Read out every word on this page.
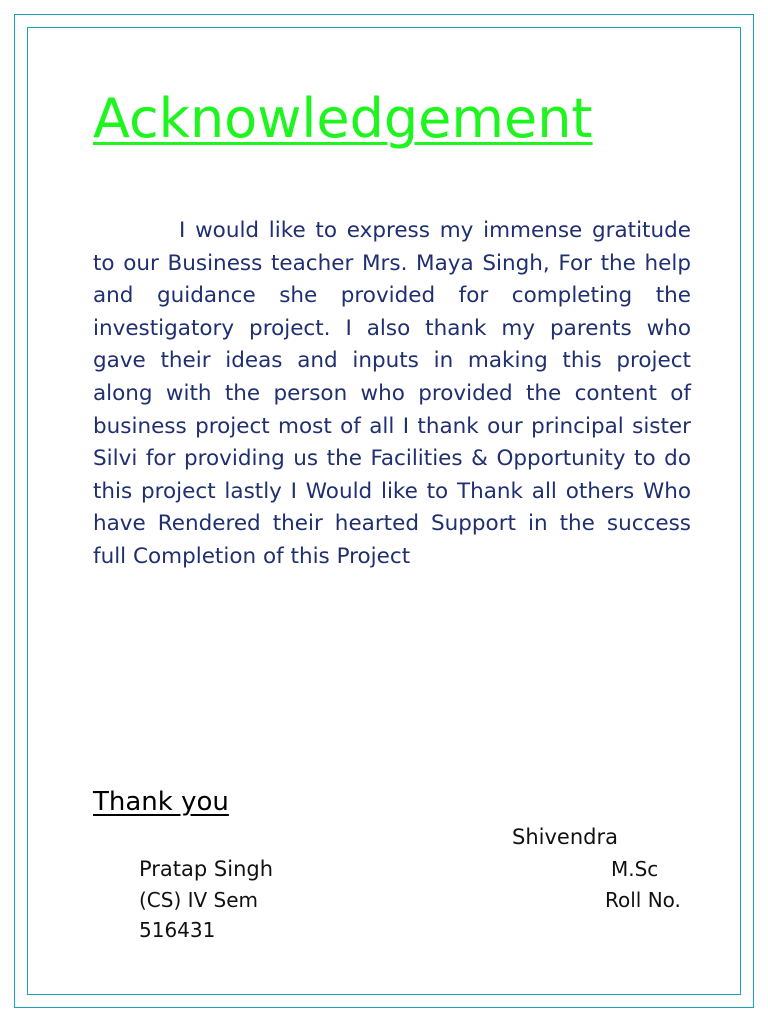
Acknowledgement

I would like to express my immense gratitude to our Business teacher Mrs. Maya Singh, For the help and guidance she provided for completing the investigatory project. I also thank my parents who gave their ideas and inputs in making this project along with the person who provided the content of business project most of all I thank our principal sister Silvi for providing us the Facilities & Opportunity to do this project lastly I Would like to Thank all others Who have Rendered their hearted Support in the success full Completion of this Project

Thank you

Shivendra
Pratap Singh	M.Sc
(CS) IV Sem	Roll No.
516431
